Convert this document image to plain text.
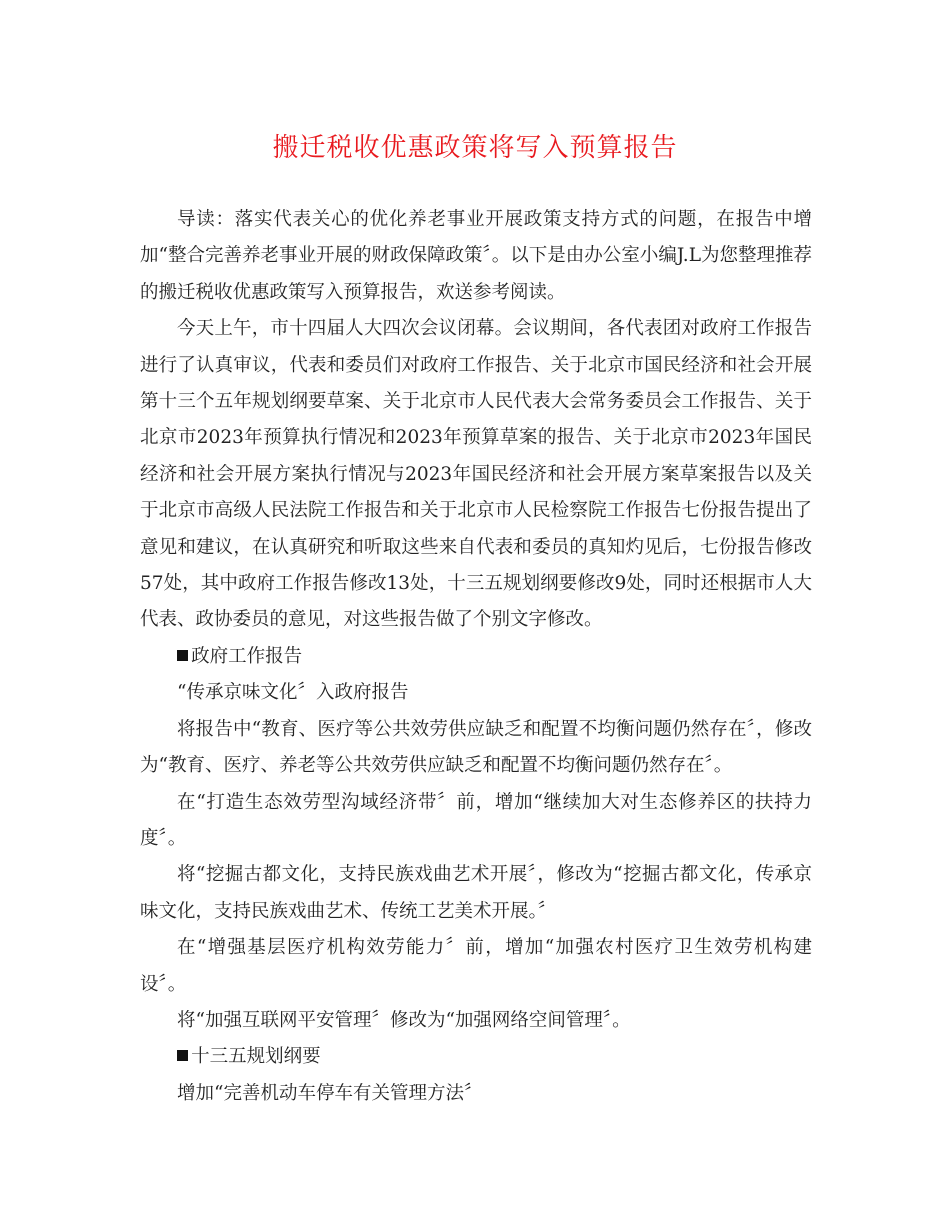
搬迁税收优惠政策将写入预算报告

导读：落实代表关心的优化养老事业开展政策支持方式的问题，在报告中增加“整合完善养老事业开展的财政保障政策〞。以下是由办公室小编J.L为您整理推荐的搬迁税收优惠政策写入预算报告，欢送参考阅读。

今天上午，市十四届人大四次会议闭幕。会议期间，各代表团对政府工作报告进行了认真审议，代表和委员们对政府工作报告、关于北京市国民经济和社会开展第十三个五年规划纲要草案、关于北京市人民代表大会常务委员会工作报告、关于北京市2023年预算执行情况和2023年预算草案的报告、关于北京市2023年国民经济和社会开展方案执行情况与2023年国民经济和社会开展方案草案报告以及关于北京市高级人民法院工作报告和关于北京市人民检察院工作报告七份报告提出了意见和建议，在认真研究和听取这些来自代表和委员的真知灼见后，七份报告修改57处，其中政府工作报告修改13处，十三五规划纲要修改9处，同时还根据市人大代表、政协委员的意见，对这些报告做了个别文字修改。

政府工作报告

“传承京味文化〞入政府报告

将报告中“教育、医疗等公共效劳供应缺乏和配置不均衡问题仍然存在〞，修改为“教育、医疗、养老等公共效劳供应缺乏和配置不均衡问题仍然存在〞。

在“打造生态效劳型沟域经济带〞前，增加“继续加大对生态修养区的扶持力度〞。

将“挖掘古都文化，支持民族戏曲艺术开展〞，修改为“挖掘古都文化，传承京味文化，支持民族戏曲艺术、传统工艺美术开展。〞

在“增强基层医疗机构效劳能力〞前，增加“加强农村医疗卫生效劳机构建设〞。

将“加强互联网平安管理〞修改为“加强网络空间管理〞。

十三五规划纲要

增加“完善机动车停车有关管理方法〞
